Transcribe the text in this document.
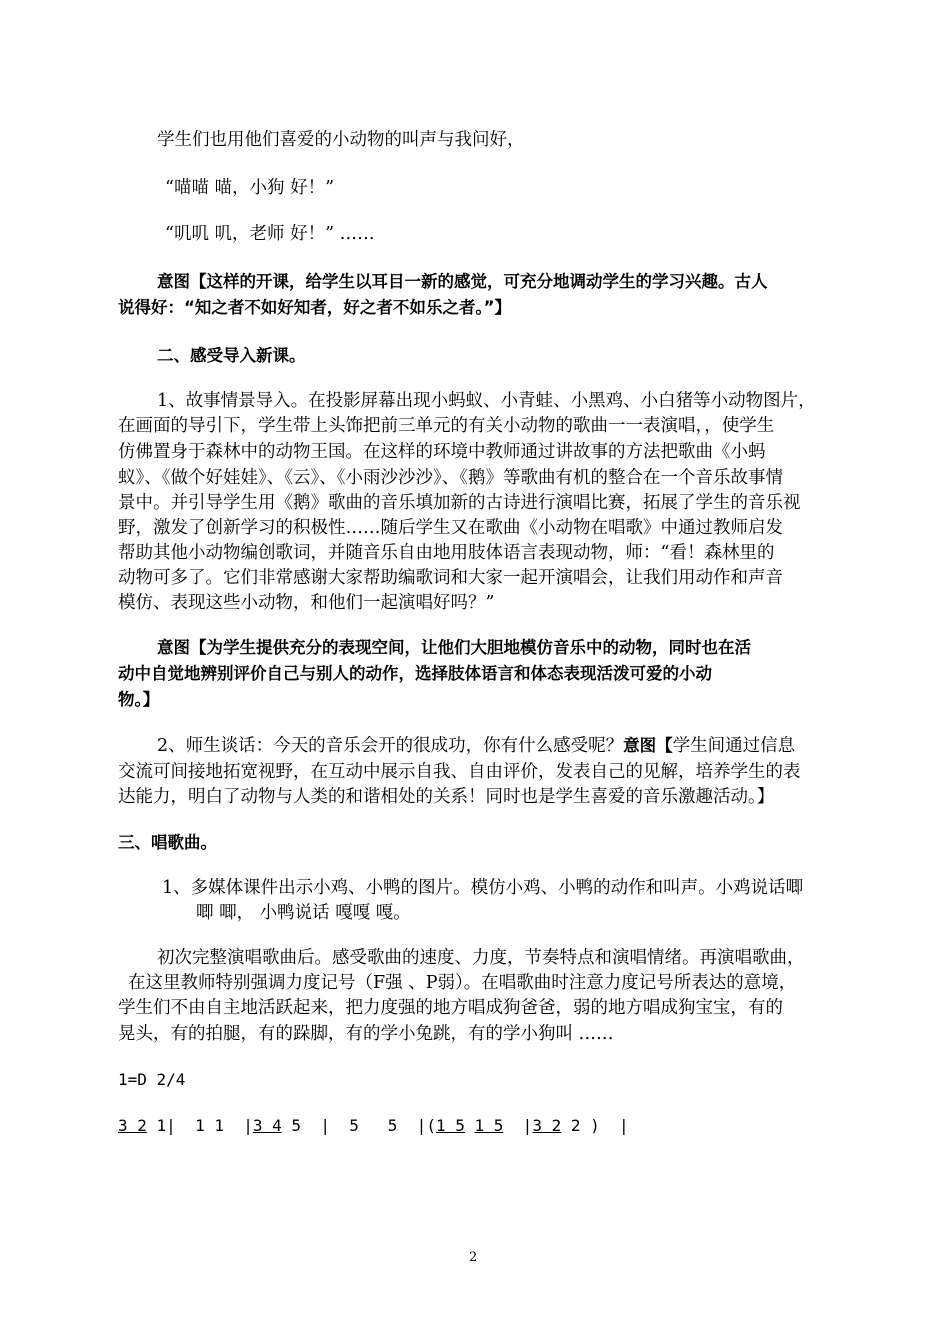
学生们也用他们喜爱的小动物的叫声与我问好，
“喵喵 喵，小狗 好！”
“叽叽 叽，老师 好！” ……
意图【这样的开课，给学生以耳目一新的感觉，可充分地调动学生的学习兴趣。古人
说得好：“知之者不如好知者，好之者不如乐之者。”】
二、感受导入新课。
1、故事情景导入。在投影屏幕出现小蚂蚁、小青蛙、小黑鸡、小白猪等小动物图片，
在画面的导引下，学生带上头饰把前三单元的有关小动物的歌曲一一表演唱，，使学生
仿佛置身于森林中的动物王国。在这样的环境中教师通过讲故事的方法把歌曲《小蚂
蚁》、《做个好娃娃》、《云》、《小雨沙沙沙》、《鹅》等歌曲有机的整合在一个音乐故事情
景中。并引导学生用《鹅》歌曲的音乐填加新的古诗进行演唱比赛，拓展了学生的音乐视
野，激发了创新学习的积极性……随后学生又在歌曲《小动物在唱歌》中通过教师启发
帮助其他小动物编创歌词，并随音乐自由地用肢体语言表现动物，师：“看！森林里的
动物可多了。它们非常感谢大家帮助编歌词和大家一起开演唱会，让我们用动作和声音
模仿、表现这些小动物，和他们一起演唱好吗？”
意图【为学生提供充分的表现空间，让他们大胆地模仿音乐中的动物，同时也在活
动中自觉地辨别评价自己与别人的动作，选择肢体语言和体态表现活泼可爱的小动
物。】
2、师生谈话：今天的音乐会开的很成功，你有什么感受呢？意图【学生间通过信息
交流可间接地拓宽视野，在互动中展示自我、自由评价，发表自己的见解，培养学生的表
达能力，明白了动物与人类的和谐相处的关系！同时也是学生喜爱的音乐激趣活动。】
三、唱歌曲。
1、多媒体课件出示小鸡、小鸭的图片。模仿小鸡、小鸭的动作和叫声。小鸡说话唧
唧 唧， 小鸭说话 嘎嘎 嘎。
初次完整演唱歌曲后。感受歌曲的速度、力度，节奏特点和演唱情绪。再演唱歌曲，
在这里教师特别强调力度记号（F强 、P弱）。在唱歌曲时注意力度记号所表达的意境，
学生们不由自主地活跃起来，把力度强的地方唱成狗爸爸，弱的地方唱成狗宝宝，有的
晃头，有的拍腿，有的跺脚，有的学小兔跳，有的学小狗叫 ……
1=D 2/4
3 2 1|  1 1  |3 4 5  |  5   5  |(1 5 1 5 |3 2 2 )  |
2
